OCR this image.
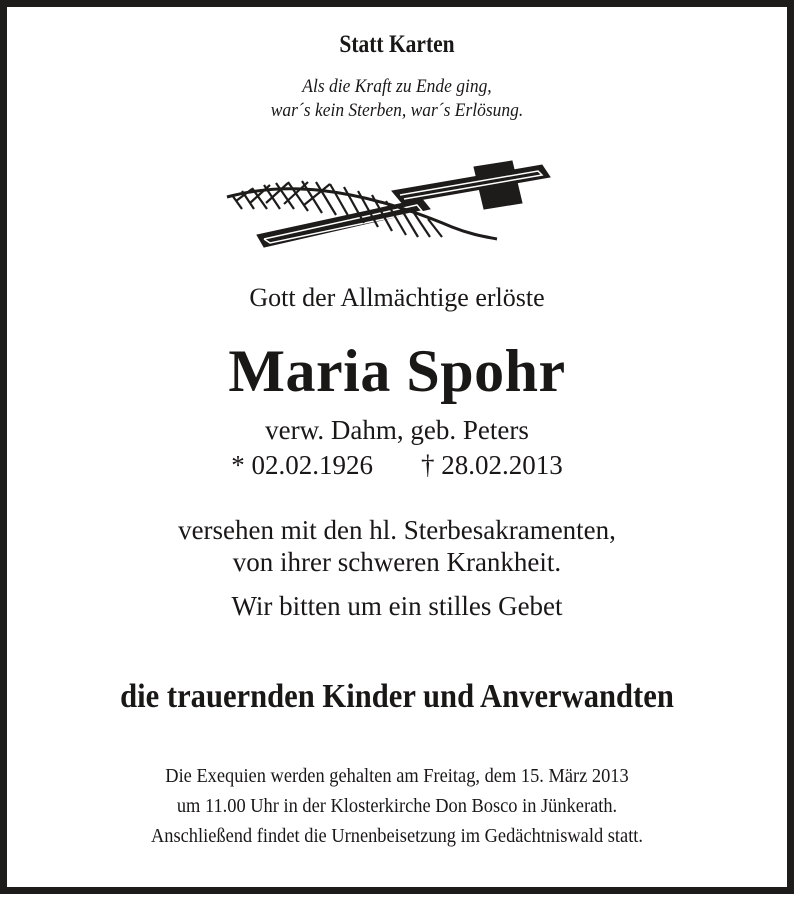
Statt Karten
Als die Kraft zu Ende ging,
war´s kein Sterben, war´s Erlösung.
Gott der Allmächtige erlöste
Maria Spohr
verw. Dahm, geb. Peters
* 02.02.1926 † 28.02.2013
versehen mit den hl. Sterbesakramenten,
von ihrer schweren Krankheit.
Wir bitten um ein stilles Gebet
die trauernden Kinder und Anverwandten
Die Exequien werden gehalten am Freitag, dem 15. März 2013
um 11.00 Uhr in der Klosterkirche Don Bosco in Jünkerath.
Anschließend findet die Urnenbeisetzung im Gedächtniswald statt.
